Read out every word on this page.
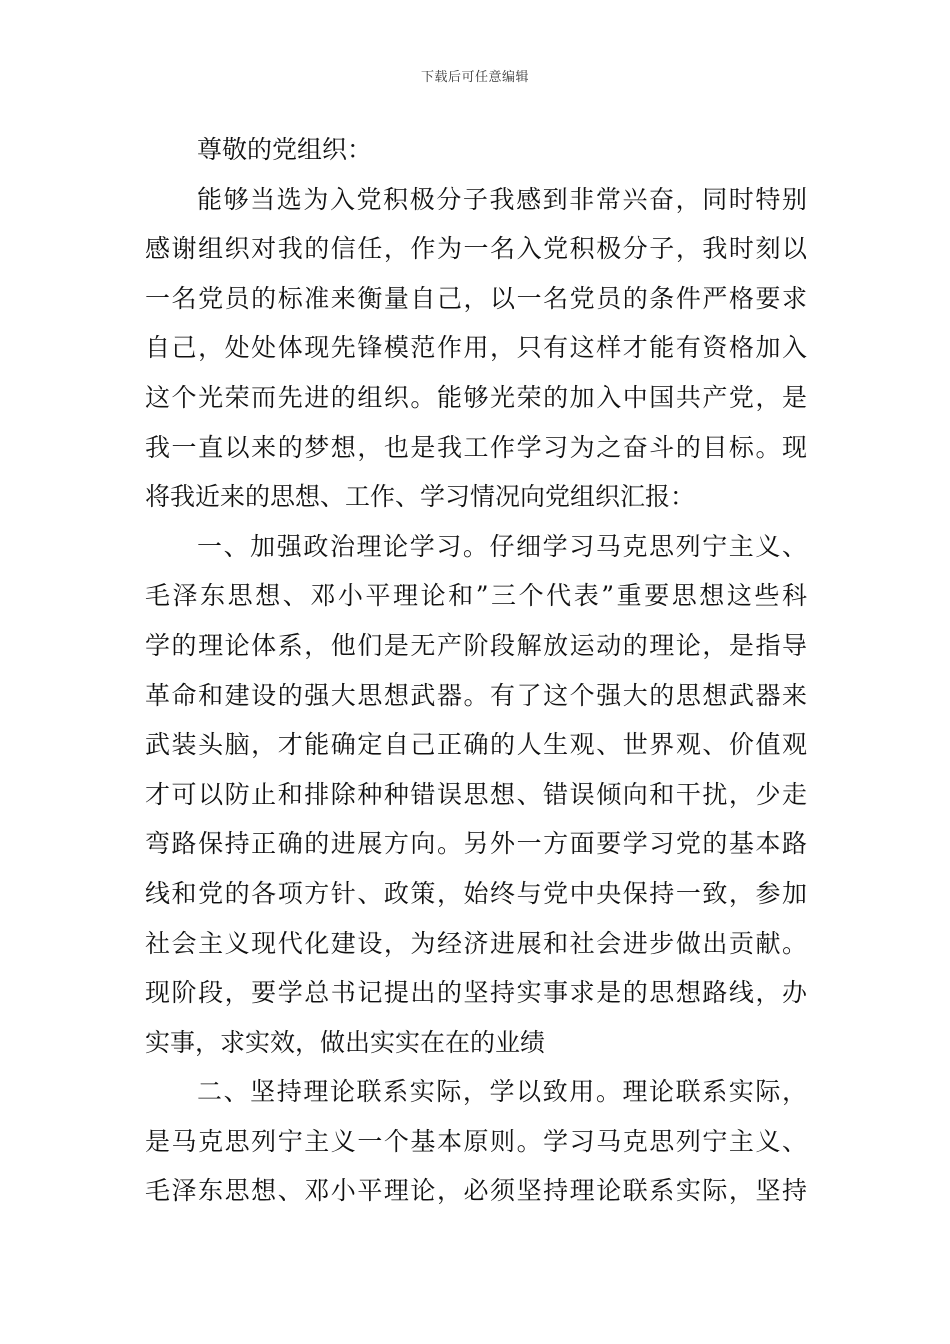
下载后可任意编辑
尊敬的党组织：
能够当选为入党积极分子我感到非常兴奋，同时特别
感谢组织对我的信任，作为一名入党积极分子，我时刻以
一名党员的标准来衡量自己，以一名党员的条件严格要求
自己，处处体现先锋模范作用，只有这样才能有资格加入
这个光荣而先进的组织。能够光荣的加入中国共产党，是
我一直以来的梦想，也是我工作学习为之奋斗的目标。现
将我近来的思想、工作、学习情况向党组织汇报：
一、加强政治理论学习。仔细学习马克思列宁主义、
毛泽东思想、邓小平理论和”三个代表”重要思想这些科
学的理论体系，他们是无产阶段解放运动的理论，是指导
革命和建设的强大思想武器。有了这个强大的思想武器来
武装头脑，才能确定自己正确的人生观、世界观、价值观
才可以防止和排除种种错误思想、错误倾向和干扰，少走
弯路保持正确的进展方向。另外一方面要学习党的基本路
线和党的各项方针、政策，始终与党中央保持一致，参加
社会主义现代化建设，为经济进展和社会进步做出贡献。
现阶段，要学总书记提出的坚持实事求是的思想路线，办
实事，求实效，做出实实在在的业绩
二、坚持理论联系实际，学以致用。理论联系实际，
是马克思列宁主义一个基本原则。学习马克思列宁主义、
毛泽东思想、邓小平理论，必须坚持理论联系实际，坚持
